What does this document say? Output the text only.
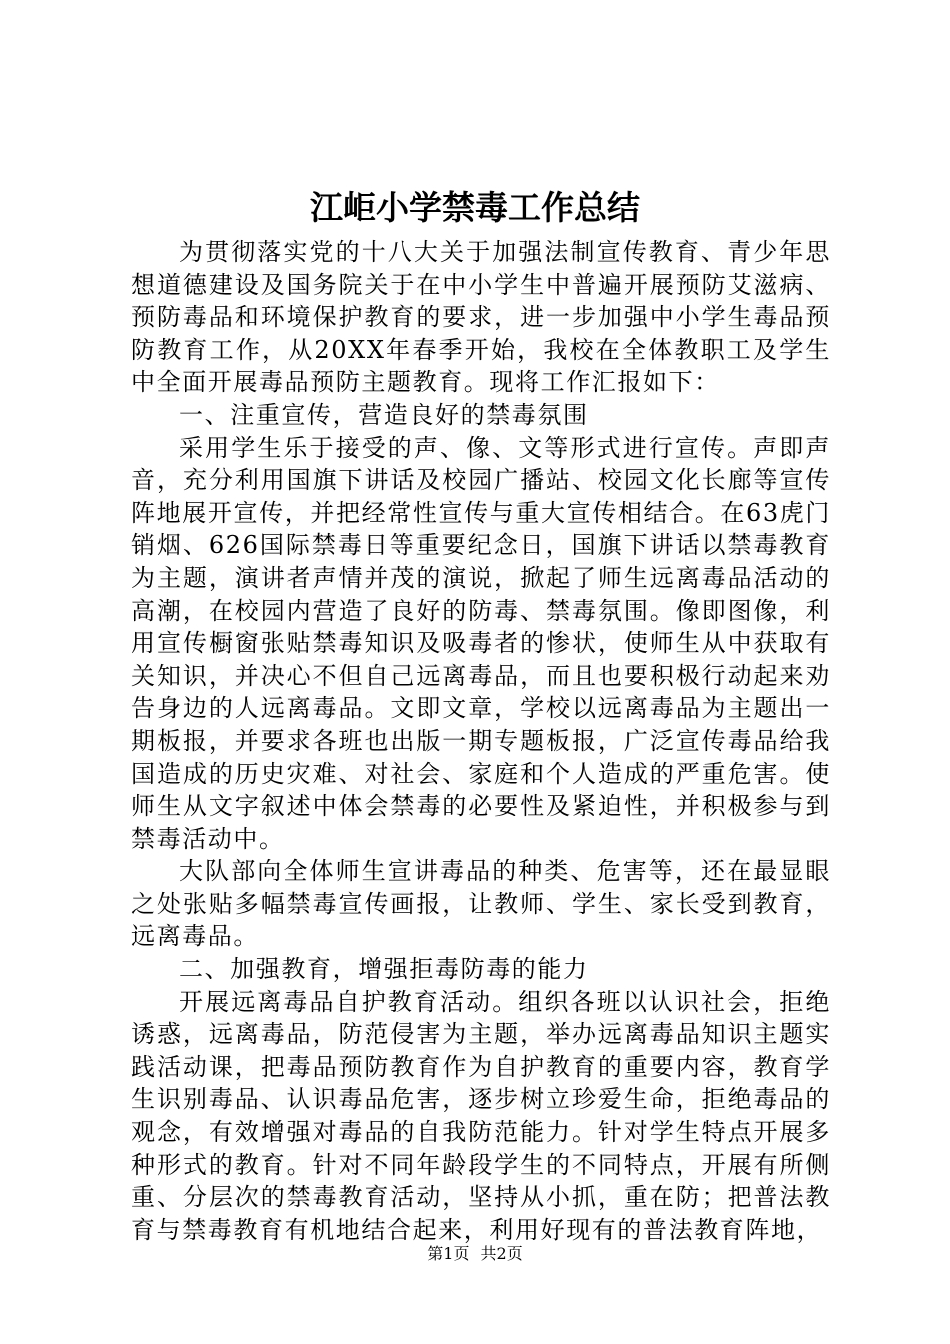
江岠小学禁毒工作总结

为贯彻落实党的十八大关于加强法制宣传教育、青少年思想道德建设及国务院关于在中小学生中普遍开展预防艾滋病、预防毒品和环境保护教育的要求，进一步加强中小学生毒品预防教育工作，从20XX年春季开始，我校在全体教职工及学生中全面开展毒品预防主题教育。现将工作汇报如下：

一、注重宣传，营造良好的禁毒氛围

采用学生乐于接受的声、像、文等形式进行宣传。声即声音，充分利用国旗下讲话及校园广播站、校园文化长廊等宣传阵地展开宣传，并把经常性宣传与重大宣传相结合。在63虎门销烟、626国际禁毒日等重要纪念日，国旗下讲话以禁毒教育为主题，演讲者声情并茂的演说，掀起了师生远离毒品活动的高潮，在校园内营造了良好的防毒、禁毒氛围。像即图像，利用宣传橱窗张贴禁毒知识及吸毒者的惨状，使师生从中获取有关知识，并决心不但自己远离毒品，而且也要积极行动起来劝告身边的人远离毒品。文即文章，学校以远离毒品为主题出一期板报，并要求各班也出版一期专题板报，广泛宣传毒品给我国造成的历史灾难、对社会、家庭和个人造成的严重危害。使师生从文字叙述中体会禁毒的必要性及紧迫性，并积极参与到禁毒活动中。

大队部向全体师生宣讲毒品的种类、危害等，还在最显眼之处张贴多幅禁毒宣传画报，让教师、学生、家长受到教育，远离毒品。

二、加强教育，增强拒毒防毒的能力

开展远离毒品自护教育活动。组织各班以认识社会，拒绝诱惑，远离毒品，防范侵害为主题，举办远离毒品知识主题实践活动课，把毒品预防教育作为自护教育的重要内容，教育学生识别毒品、认识毒品危害，逐步树立珍爱生命，拒绝毒品的观念，有效增强对毒品的自我防范能力。针对学生特点开展多种形式的教育。针对不同年龄段学生的不同特点，开展有所侧重、分层次的禁毒教育活动，坚持从小抓，重在防；把普法教育与禁毒教育有机地结合起来，利用好现有的普法教育阵地，

第1页 共2页
